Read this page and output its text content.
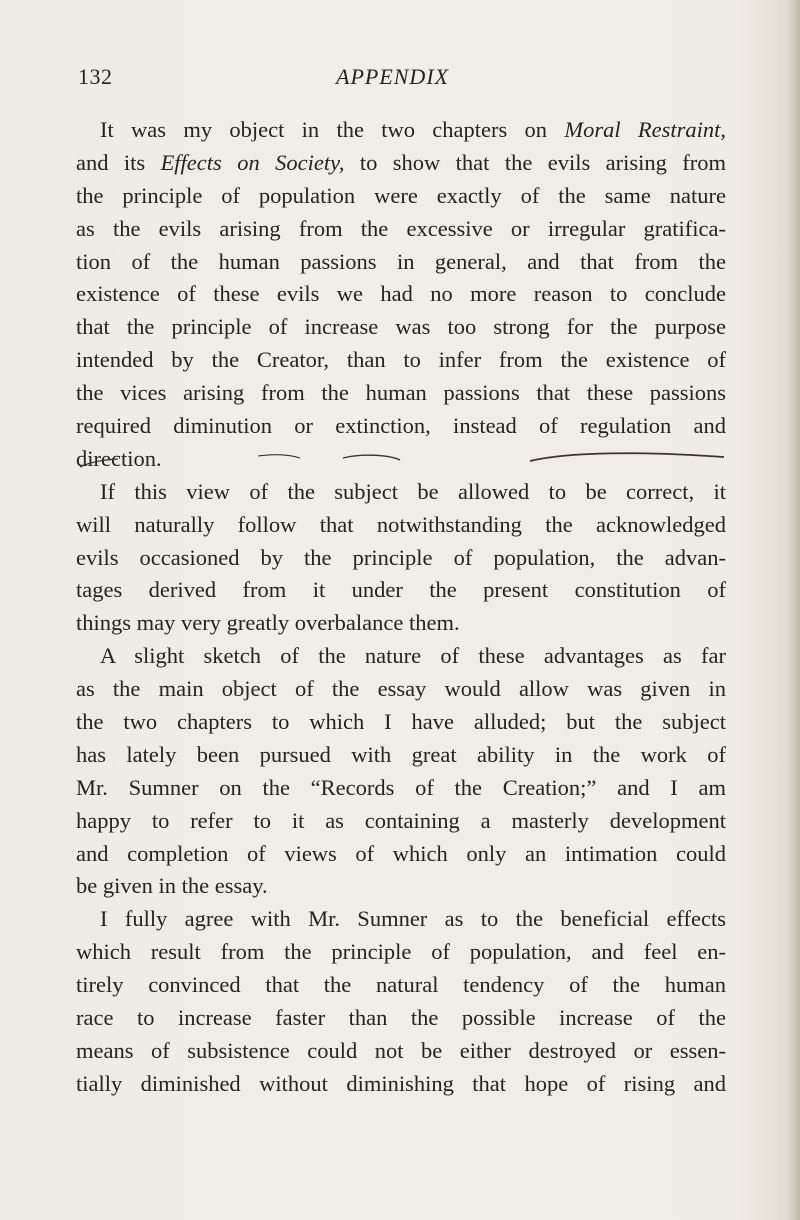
132	APPENDIX
It was my object in the two chapters on Moral Restraint,
and its Effects on Society, to show that the evils arising from
the principle of population were exactly of the same nature
as the evils arising from the excessive or irregular gratifica-
tion of the human passions in general, and that from the
existence of these evils we had no more reason to conclude
that the principle of increase was too strong for the purpose
intended by the Creator, than to infer from the existence of
the vices arising from the human passions that these passions
required diminution or extinction, instead of regulation and
direction.
If this view of the subject be allowed to be correct, it
will naturally follow that notwithstanding the acknowledged
evils occasioned by the principle of population, the advan-
tages derived from it under the present constitution of
things may very greatly overbalance them.
A slight sketch of the nature of these advantages as far
as the main object of the essay would allow was given in
the two chapters to which I have alluded; but the subject
has lately been pursued with great ability in the work of
Mr. Sumner on the “Records of the Creation;” and I am
happy to refer to it as containing a masterly development
and completion of views of which only an intimation could
be given in the essay.
I fully agree with Mr. Sumner as to the beneficial effects
which result from the principle of population, and feel en-
tirely convinced that the natural tendency of the human
race to increase faster than the possible increase of the
means of subsistence could not be either destroyed or essen-
tially diminished without diminishing that hope of rising and
